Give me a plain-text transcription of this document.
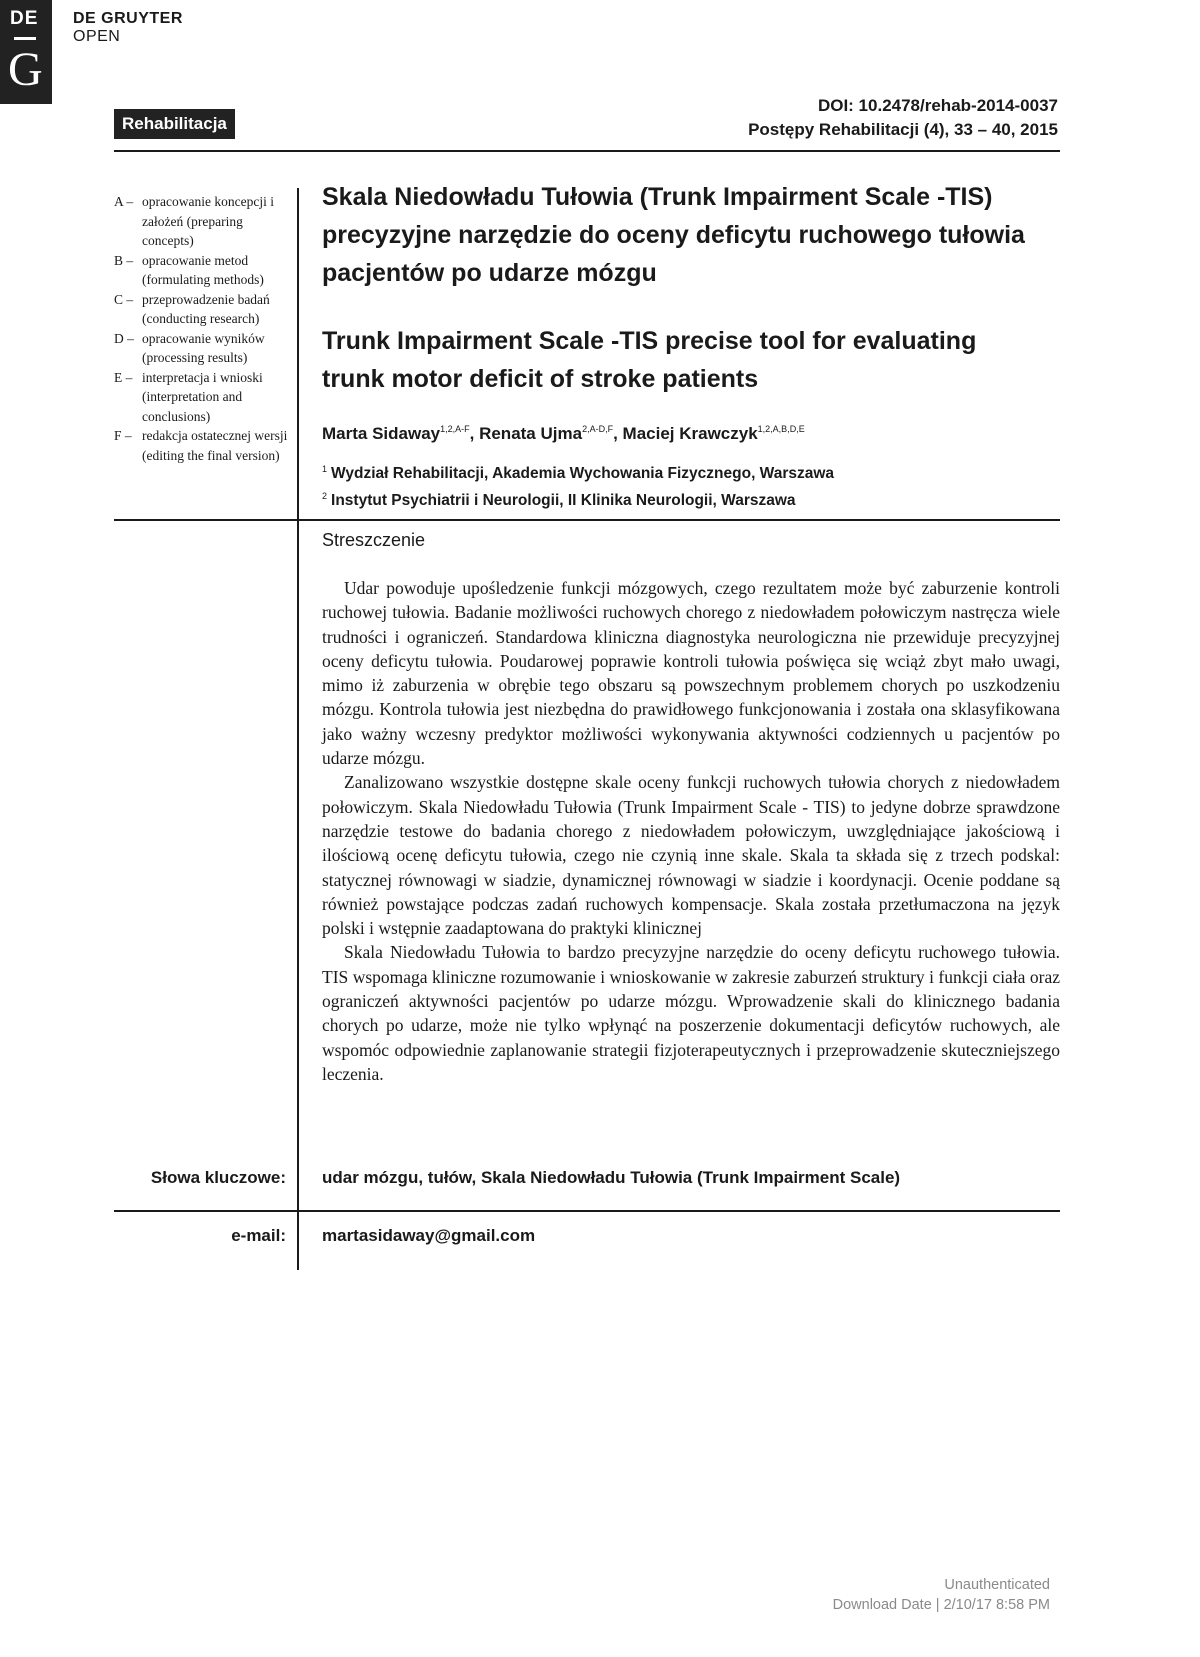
DE
G
DE GRUYTER
OPEN
Rehabilitacja
DOI: 10.2478/rehab-2014-0037
Postępy Rehabilitacji (4), 33 – 40, 2015
A – opracowanie koncepcji i założeń (preparing concepts)
B – opracowanie metod (formulating methods)
C – przeprowadzenie badań (conducting research)
D – opracowanie wyników (processing results)
E – interpretacja i wnioski (interpretation and conclusions)
F – redakcja ostatecznej wersji (editing the final version)
Skala Niedowładu Tułowia (Trunk Impairment Scale -TIS) precyzyjne narzędzie do oceny deficytu ruchowego tułowia pacjentów po udarze mózgu
Trunk Impairment Scale -TIS precise tool for evaluating trunk motor deficit of stroke patients
Marta Sidaway$^{1,2,A-F}$, Renata Ujma$^{2,A-D,F}$, Maciej Krawczyk$^{1,2,A,B,D,E}$
$^1$ Wydział Rehabilitacji, Akademia Wychowania Fizycznego, Warszawa
$^2$ Instytut Psychiatrii i Neurologii, II Klinika Neurologii, Warszawa
Streszczenie

Udar powoduje upośledzenie funkcji mózgowych, czego rezultatem może być zaburzenie kontroli ruchowej tułowia. Badanie możliwości ruchowych chorego z niedowładem połowiczym nastręcza wiele trudności i ograniczeń. Standardowa kliniczna diagnostyka neurologiczna nie przewiduje precyzyjnej oceny deficytu tułowia. Poudarowej poprawie kontroli tułowia poświęca się wciąż zbyt mało uwagi, mimo iż zaburzenia w obrębie tego obszaru są powszechnym problemem chorych po uszkodzeniu mózgu. Kontrola tułowia jest niezbędna do prawidłowego funkcjonowania i została ona sklasyfikowana jako ważny wczesny predyktor możliwości wykonywania aktywności codziennych u pacjentów po udarze mózgu.

Zanalizowano wszystkie dostępne skale oceny funkcji ruchowych tułowia chorych z niedowładem połowiczym. Skala Niedowładu Tułowia (Trunk Impairment Scale - TIS) to jedyne dobrze sprawdzone narzędzie testowe do badania chorego z niedowładem połowiczym, uwzględniające jakościową i ilościową ocenę deficytu tułowia, czego nie czynią inne skale. Skala ta składa się z trzech podskal: statycznej równowagi w siadzie, dynamicznej równowagi w siadzie i koordynacji. Ocenie poddane są również powstające podczas zadań ruchowych kompensacje. Skala została przetłumaczona na język polski i wstępnie zaadaptowana do praktyki klinicznej

Skala Niedowładu Tułowia to bardzo precyzyjne narzędzie do oceny deficytu ruchowego tułowia. TIS wspomaga kliniczne rozumowanie i wnioskowanie w zakresie zaburzeń struktury i funkcji ciała oraz ograniczeń aktywności pacjentów po udarze mózgu. Wprowadzenie skali do klinicznego badania chorych po udarze, może nie tylko wpłynąć na poszerzenie dokumentacji deficytów ruchowych, ale wspomóc odpowiednie zaplanowanie strategii fizjoterapeutycznych i przeprowadzenie skuteczniejszego leczenia.

Słowa kluczowe: udar mózgu, tułów, Skala Niedowładu Tułowia (Trunk Impairment Scale)
e-mail: martasidaway@gmail.com
Unauthenticated
Download Date | 2/10/17 8:58 PM
